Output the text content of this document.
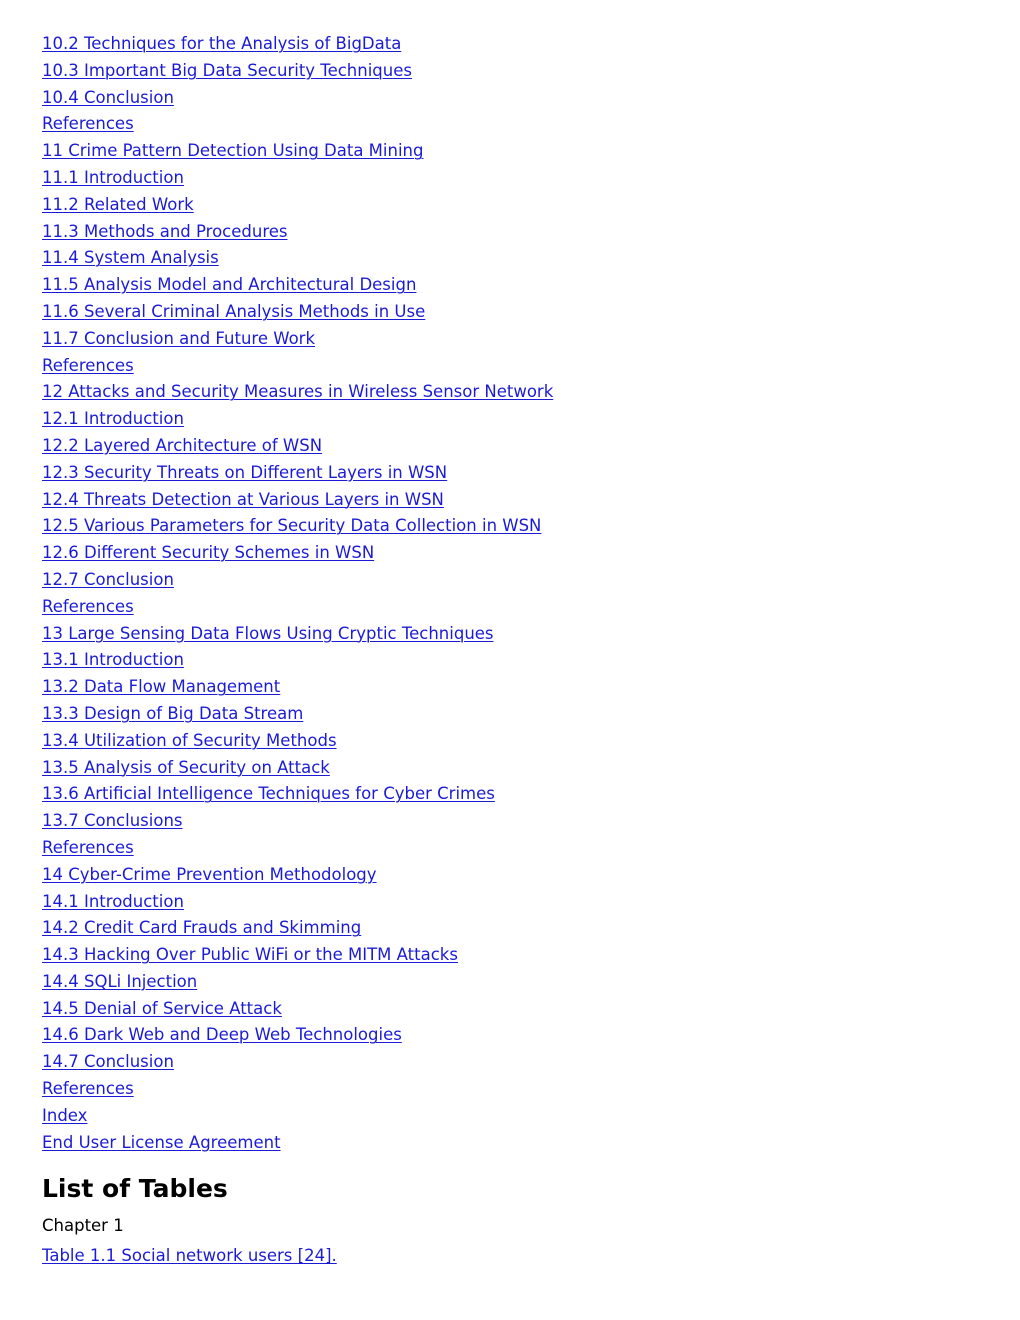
10.2 Techniques for the Analysis of BigData
10.3 Important Big Data Security Techniques
10.4 Conclusion
References
11 Crime Pattern Detection Using Data Mining
11.1 Introduction
11.2 Related Work
11.3 Methods and Procedures
11.4 System Analysis
11.5 Analysis Model and Architectural Design
11.6 Several Criminal Analysis Methods in Use
11.7 Conclusion and Future Work
References
12 Attacks and Security Measures in Wireless Sensor Network
12.1 Introduction
12.2 Layered Architecture of WSN
12.3 Security Threats on Different Layers in WSN
12.4 Threats Detection at Various Layers in WSN
12.5 Various Parameters for Security Data Collection in WSN
12.6 Different Security Schemes in WSN
12.7 Conclusion
References
13 Large Sensing Data Flows Using Cryptic Techniques
13.1 Introduction
13.2 Data Flow Management
13.3 Design of Big Data Stream
13.4 Utilization of Security Methods
13.5 Analysis of Security on Attack
13.6 Artificial Intelligence Techniques for Cyber Crimes
13.7 Conclusions
References
14 Cyber-Crime Prevention Methodology
14.1 Introduction
14.2 Credit Card Frauds and Skimming
14.3 Hacking Over Public WiFi or the MITM Attacks
14.4 SQLi Injection
14.5 Denial of Service Attack
14.6 Dark Web and Deep Web Technologies
14.7 Conclusion
References
Index
End User License Agreement
List of Tables
Chapter 1
Table 1.1 Social network users [24].
